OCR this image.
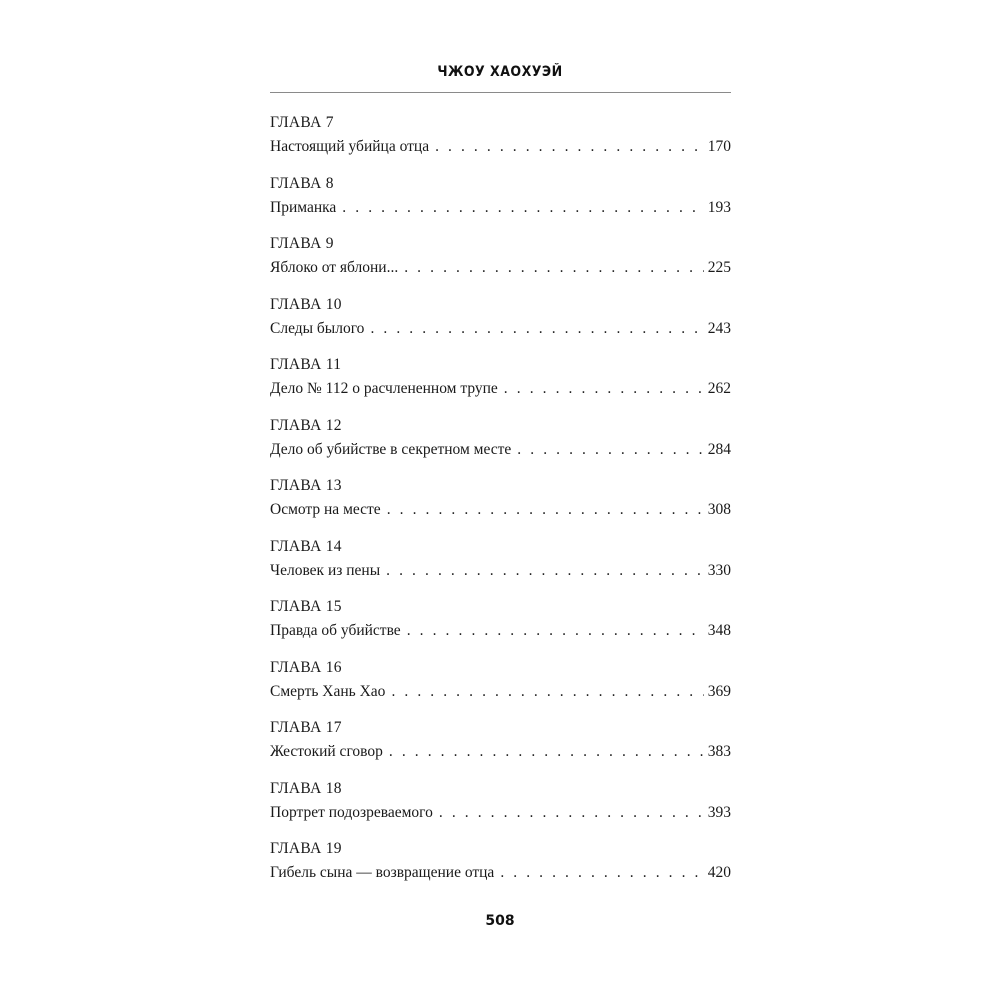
ЧЖОУ ХАОХУЭЙ
ГЛАВА 7
Настоящий убийца отца . . .	170
ГЛАВА 8
Приманка . . .	193
ГЛАВА 9
Яблоко от яблони... . . .	225
ГЛАВА 10
Следы былого . . .	243
ГЛАВА 11
Дело № 112 о расчлененном трупе . . .	262
ГЛАВА 12
Дело об убийстве в секретном месте . . .	284
ГЛАВА 13
Осмотр на месте . . .	308
ГЛАВА 14
Человек из пены . . .	330
ГЛАВА 15
Правда об убийстве . . .	348
ГЛАВА 16
Смерть Хань Хао . . .	369
ГЛАВА 17
Жестокий сговор . . .	383
ГЛАВА 18
Портрет подозреваемого . . .	393
ГЛАВА 19
Гибель сына — возвращение отца . . .	420
508
